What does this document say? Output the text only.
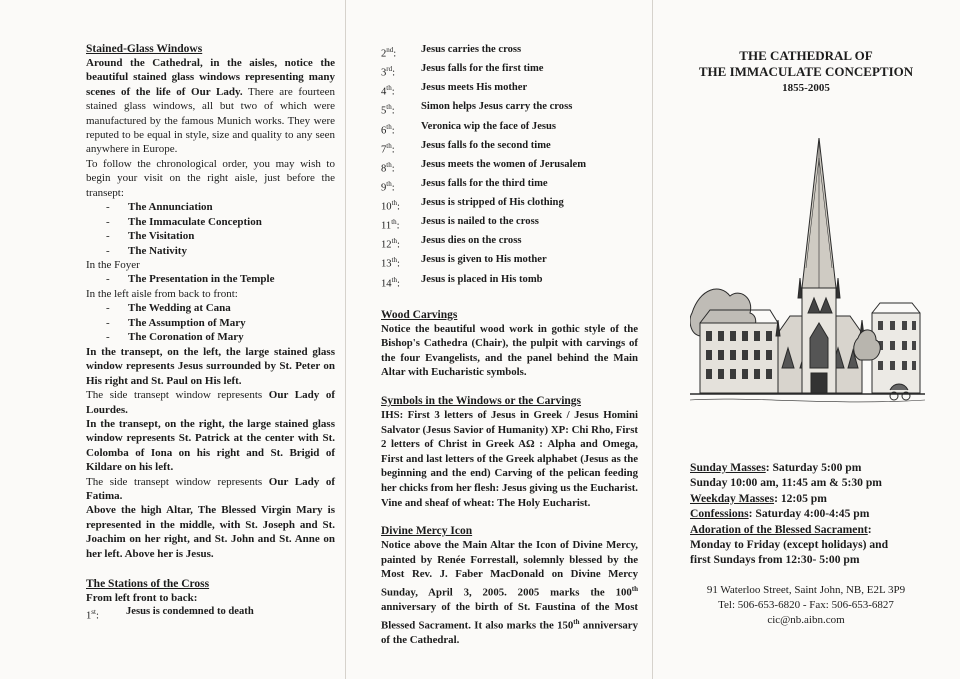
Stained-Glass Windows

Around the Cathedral, in the aisles, notice the beautiful stained glass windows representing many scenes of the life of Our Lady. There are fourteen stained glass windows, all but two of which were manufactured by the famous Munich works. They were reputed to be equal in style, size and quality to any seen anywhere in Europe.
To follow the chronological order, you may wish to begin your visit on the right aisle, just before the transept:
- The Annunciation
- The Immaculate Conception
- The Visitation
- The Nativity
In the Foyer
- The Presentation in the Temple
In the left aisle from back to front:
- The Wedding at Cana
- The Assumption of Mary
- The Coronation of Mary
In the transept, on the left, the large stained glass window represents Jesus surrounded by St. Peter on His right and St. Paul on His left.
The side transept window represents Our Lady of Lourdes.
In the transept, on the right, the large stained glass window represents St. Patrick at the center with St. Colomba of Iona on his right and St. Brigid of Kildare on his left.
The side transept window represents Our Lady of Fatima.
Above the high Altar, The Blessed Virgin Mary is represented in the middle, with St. Joseph and St. Joachim on her right, and St. John and St. Anne on her left. Above her is Jesus.

The Stations of the Cross

From left front to back:
1st:	Jesus is condemned to death
2nd:	Jesus carries the cross
3rd:	Jesus falls for the first time
4th:	Jesus meets His mother
5th:	Simon helps Jesus carry the cross
6th:	Veronica wip the face of Jesus
7th:	Jesus falls fo the second time
8th:	Jesus meets the women of Jerusalem
9th:	Jesus falls for the third time
10th:	Jesus is stripped of His clothing
11th:	Jesus is nailed to the cross
12th:	Jesus dies on the cross
13th:	Jesus is given to His mother
14th:	Jesus is placed in His tomb

Wood Carvings

Notice the beautiful wood work in gothic style of the Bishop's Cathedra (Chair), the pulpit with carvings of the four Evangelists, and the panel behind the Main Altar with Eucharistic symbols.

Symbols in the Windows or the Carvings

IHS: First 3 letters of Jesus in Greek / Jesus Homini Salvator (Jesus Savior of Humanity) XP: Chi Rho, First 2 letters of Christ in Greek AΩ : Alpha and Omega, First and last letters of the Greek alphabet (Jesus as the beginning and the end) Carving of the pelican feeding her chicks from her flesh: Jesus giving us the Eucharist. Vine and sheaf of wheat: The Holy Eucharist.

Divine Mercy Icon

Notice above the Main Altar the Icon of Divine Mercy, painted by Renée Forrestall, solemnly blessed by the Most Rev. J. Faber MacDonald on Divine Mercy Sunday, April 3, 2005. 2005 marks the 100th anniversary of the birth of St. Faustina of the Most Blessed Sacrament. It also marks the 150th anniversary of the Cathedral.
THE CATHEDRAL OF
THE IMMACULATE CONCEPTION
1855-2005
Sunday Masses: Saturday 5:00 pm
Sunday 10:00 am, 11:45 am & 5:30 pm
Weekday Masses: 12:05 pm
Confessions: Saturday 4:00-4:45 pm
Adoration of the Blessed Sacrament:
Monday to Friday (except holidays) and
first Sundays from 12:30- 5:00 pm
91 Waterloo Street, Saint John, NB, E2L 3P9
Tel: 506-653-6820 - Fax: 506-653-6827
cic@nb.aibn.com
